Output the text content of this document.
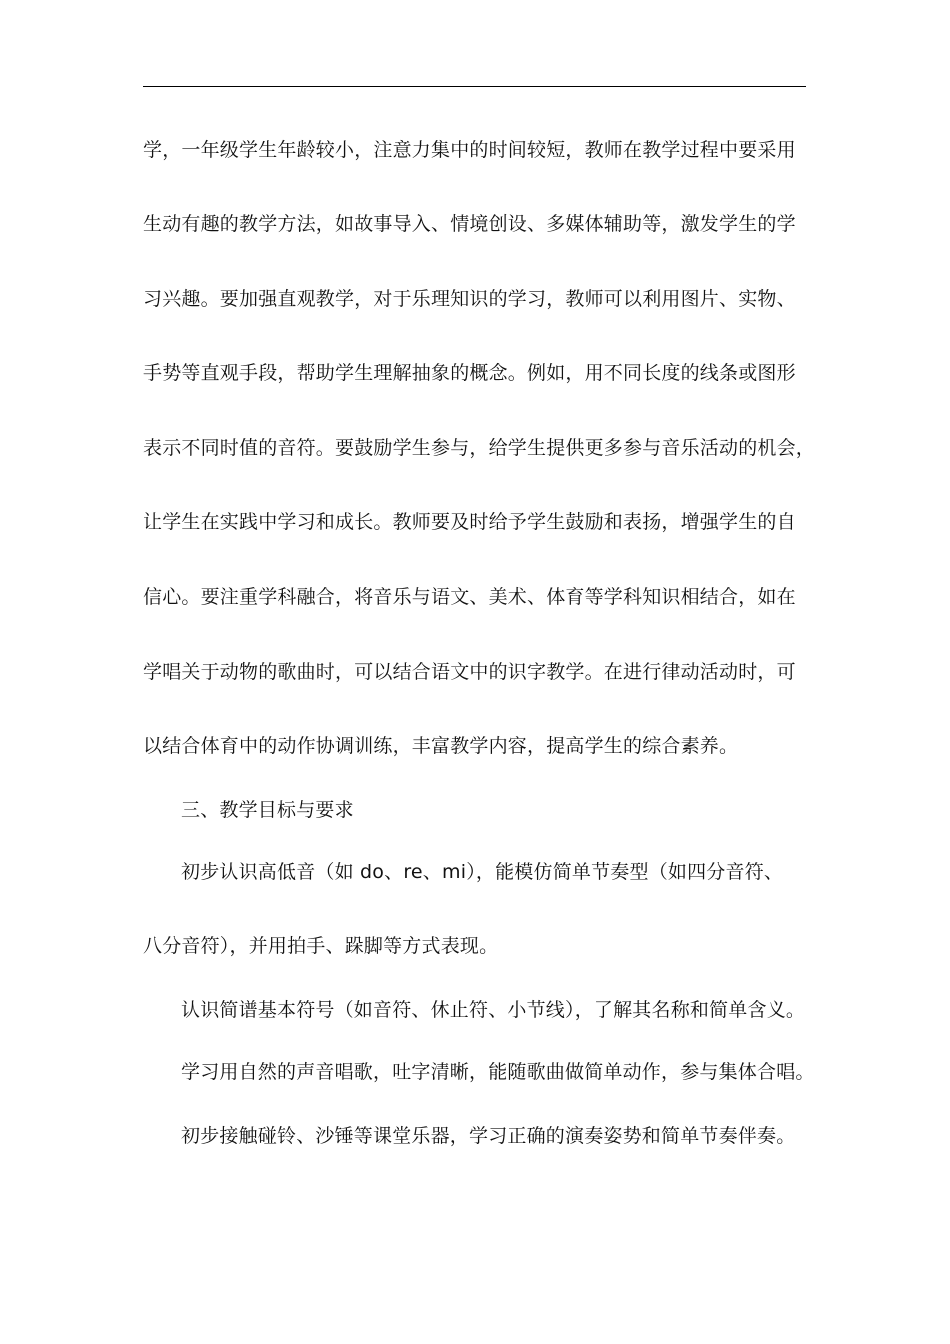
学，一年级学生年龄较小，注意力集中的时间较短，教师在教学过程中要采用
生动有趣的教学方法，如故事导入、情境创设、多媒体辅助等，激发学生的学
习兴趣。要加强直观教学，对于乐理知识的学习，教师可以利用图片、实物、
手势等直观手段，帮助学生理解抽象的概念。例如，用不同长度的线条或图形
表示不同时值的音符。要鼓励学生参与，给学生提供更多参与音乐活动的机会，
让学生在实践中学习和成长。教师要及时给予学生鼓励和表扬，增强学生的自
信心。要注重学科融合，将音乐与语文、美术、体育等学科知识相结合，如在
学唱关于动物的歌曲时，可以结合语文中的识字教学。在进行律动活动时，可
以结合体育中的动作协调训练，丰富教学内容，提高学生的综合素养。
三、教学目标与要求
初步认识高低音（如 do、re、mi），能模仿简单节奏型（如四分音符、
八分音符），并用拍手、跺脚等方式表现。
认识简谱基本符号（如音符、休止符、小节线），了解其名称和简单含义。
学习用自然的声音唱歌，吐字清晰，能随歌曲做简单动作，参与集体合唱。
初步接触碰铃、沙锤等课堂乐器，学习正确的演奏姿势和简单节奏伴奏。
